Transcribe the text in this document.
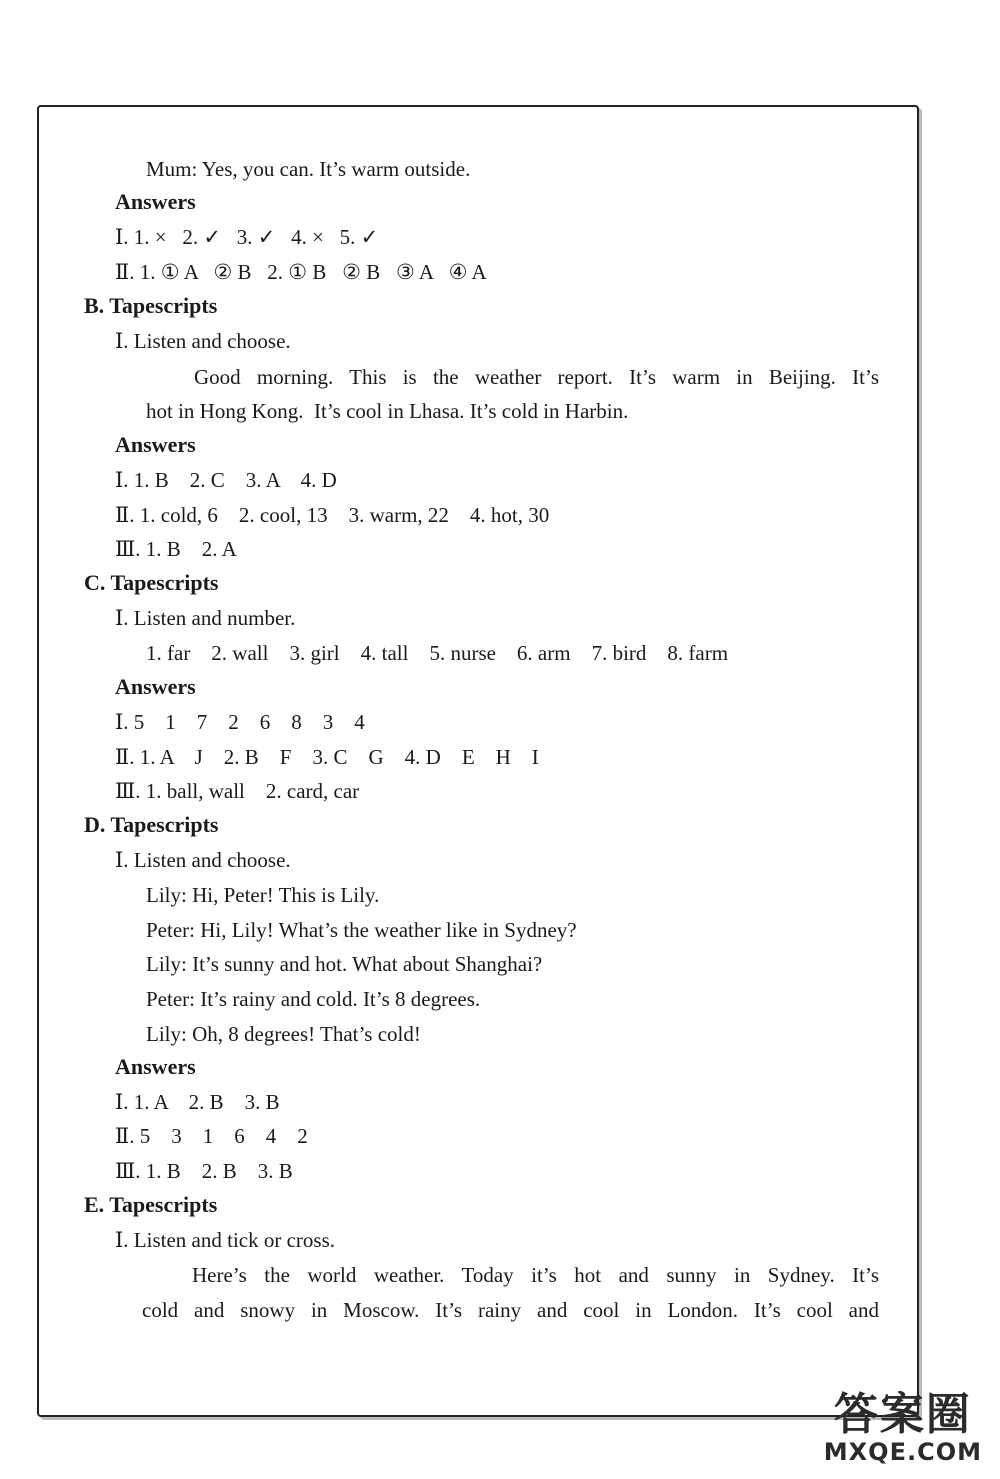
Mum: Yes, you can. It’s warm outside.
Answers
Ⅰ. 1. ×   2. ✓   3. ✓   4. ×   5. ✓
Ⅱ. 1. ① A   ② B   2. ① B   ② B   ③ A   ④ A
B. Tapescripts
Ⅰ. Listen and choose.
Good morning. This is the weather report. It’s warm in Beijing. It’s
hot in Hong Kong.  It’s cool in Lhasa. It’s cold in Harbin.
Answers
Ⅰ. 1. B    2. C    3. A    4. D
Ⅱ. 1. cold, 6    2. cool, 13    3. warm, 22    4. hot, 30
Ⅲ. 1. B    2. A
C. Tapescripts
Ⅰ. Listen and number.
1. far    2. wall    3. girl    4. tall    5. nurse    6. arm    7. bird    8. farm
Answers
Ⅰ. 5    1    7    2    6    8    3    4
Ⅱ. 1. A    J    2. B    F    3. C    G    4. D    E    H    I
Ⅲ. 1. ball, wall    2. card, car
D. Tapescripts
Ⅰ. Listen and choose.
Lily: Hi, Peter! This is Lily.
Peter: Hi, Lily! What’s the weather like in Sydney?
Lily: It’s sunny and hot. What about Shanghai?
Peter: It’s rainy and cold. It’s 8 degrees.
Lily: Oh, 8 degrees! That’s cold!
Answers
Ⅰ. 1. A    2. B    3. B
Ⅱ. 5    3    1    6    4    2
Ⅲ. 1. B    2. B    3. B
E. Tapescripts
Ⅰ. Listen and tick or cross.
Here’s the world weather. Today it’s hot and sunny in Sydney. It’s
cold and snowy in Moscow. It’s rainy and cool in London. It’s cool and
答案圈
MXQE.COM
